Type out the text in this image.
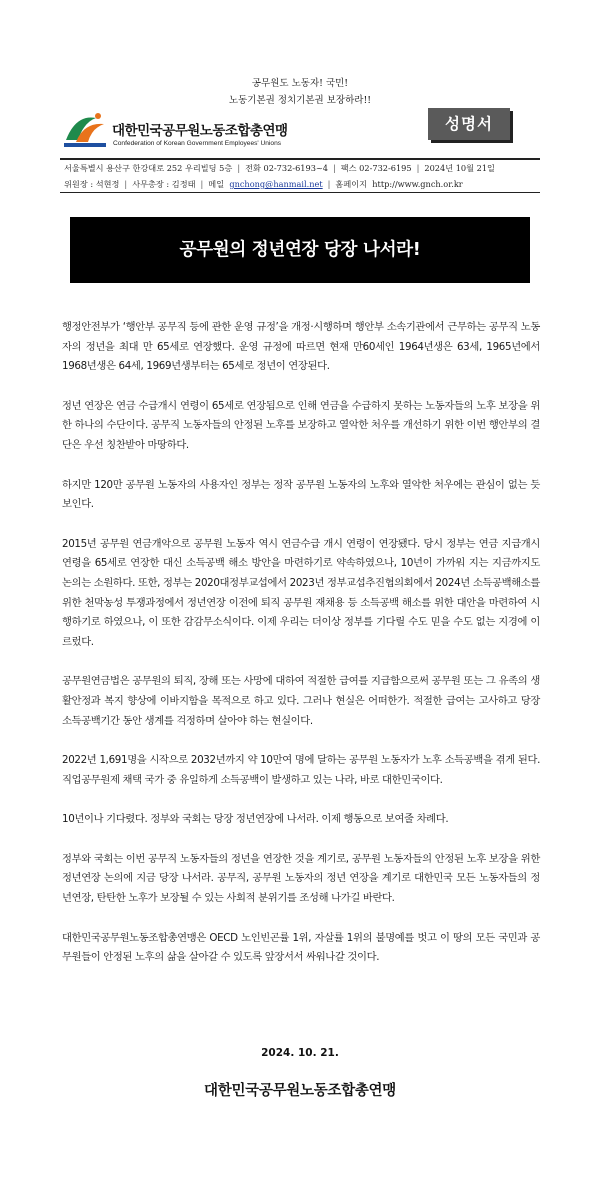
공무원도 노동자! 국민!
노동기본권 정치기본권 보장하라!!
대한민국공무원노동조합총연맹
Confederation of Korean Government Employees' Unions
성명서
서울특별시 용산구 한강대로 252 우리빌딩 5층 | 전화 02-732-6193~4 | 팩스 02-732-6195 | 2024년 10월 21일
위원장 : 석현정 | 사무총장 : 김정태 | 메일 gnchong@hanmail.net | 홈페이지 http://www.gnch.or.kr
공무원의 정년연장 당장 나서라!

행정안전부가 ‘행안부 공무직 등에 관한 운영 규정’을 개정·시행하며 행안부 소속기관에서 근무하는 공무직 노동자의 정년을 최대 만 65세로 연장했다. 운영 규정에 따르면 현재 만60세인 1964년생은 63세, 1965년에서 1968년생은 64세, 1969년생부터는 65세로 정년이 연장된다.

정년 연장은 연금 수급개시 연령이 65세로 연장됨으로 인해 연금을 수급하지 못하는 노동자들의 노후 보장을 위한 하나의 수단이다. 공무직 노동자들의 안정된 노후를 보장하고 열악한 처우를 개선하기 위한 이번 행안부의 결단은 우선 칭찬받아 마땅하다.

하지만 120만 공무원 노동자의 사용자인 정부는 정작 공무원 노동자의 노후와 열악한 처우에는 관심이 없는 듯 보인다.

2015년 공무원 연금개악으로 공무원 노동자 역시 연금수급 개시 연령이 연장됐다. 당시 정부는 연금 지급개시 연령을 65세로 연장한 대신 소득공백 해소 방안을 마련하기로 약속하였으나, 10년이 가까워 지는 지금까지도 논의는 소원하다. 또한, 정부는 2020대정부교섭에서 2023년 정부교섭추진협의회에서 2024년 소득공백해소를 위한 천막농성 투쟁과정에서 정년연장 이전에 퇴직 공무원 재채용 등 소득공백 해소를 위한 대안을 마련하여 시행하기로 하였으나, 이 또한 감감무소식이다. 이제 우리는 더이상 정부를 기다릴 수도 믿을 수도 없는 지경에 이르렀다.

공무원연금법은 공무원의 퇴직, 장해 또는 사망에 대하여 적절한 급여를 지급함으로써 공무원 또는 그 유족의 생활안정과 복지 향상에 이바지함을 목적으로 하고 있다. 그러나 현실은 어떠한가. 적절한 급여는 고사하고 당장 소득공백기간 동안 생계를 걱정하며 살아야 하는 현실이다.

2022년 1,691명을 시작으로 2032년까지 약 10만여 명에 달하는 공무원 노동자가 노후 소득공백을 겪게 된다. 직업공무원제 채택 국가 중 유일하게 소득공백이 발생하고 있는 나라, 바로 대한민국이다.

10년이나 기다렸다. 정부와 국회는 당장 정년연장에 나서라. 이제 행동으로 보여줄 차례다.

정부와 국회는 이번 공무직 노동자들의 정년을 연장한 것을 계기로, 공무원 노동자들의 안정된 노후 보장을 위한 정년연장 논의에 지금 당장 나서라. 공무직, 공무원 노동자의 정년 연장을 계기로 대한민국 모든 노동자들의 정년연장, 탄탄한 노후가 보장될 수 있는 사회적 분위기를 조성해 나가길 바란다.

대한민국공무원노동조합총연맹은 OECD 노인빈곤률 1위, 자살률 1위의 불명예를 벗고 이 땅의 모든 국민과 공무원들이 안정된 노후의 삶을 살아갈 수 있도록 앞장서서 싸워나갈 것이다.

2024. 10. 21.
대한민국공무원노동조합총연맹
